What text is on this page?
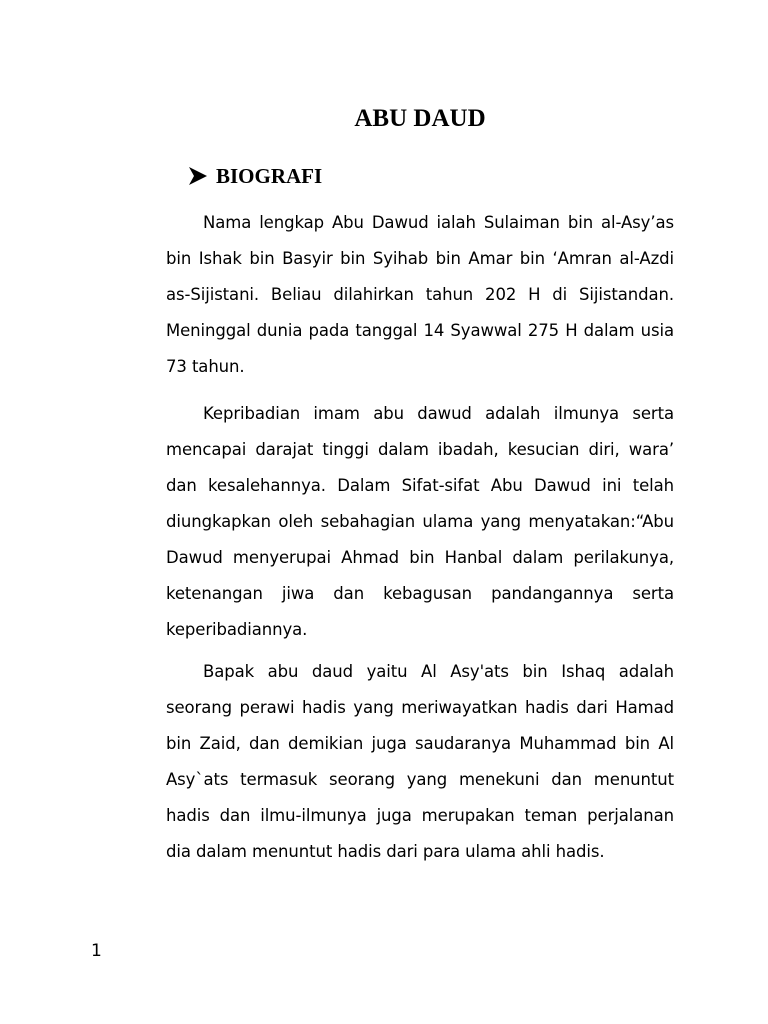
ABU DAUD
BIOGRAFI

Nama lengkap Abu Dawud ialah Sulaiman bin al-Asy’as bin Ishak bin Basyir bin Syihab bin Amar bin ‘Amran al-Azdi as-Sijistani. Beliau dilahirkan tahun 202 H di Sijistandan. Meninggal dunia pada tanggal 14 Syawwal 275 H dalam usia 73 tahun.

Kepribadian imam abu dawud adalah ilmunya serta mencapai darajat tinggi dalam ibadah, kesucian diri, wara’ dan kesalehannya. Dalam Sifat-sifat Abu Dawud ini telah diungkapkan oleh sebahagian ulama yang menyatakan:“Abu Dawud menyerupai Ahmad bin Hanbal dalam perilakunya, ketenangan jiwa dan kebagusan pandangannya serta keperibadiannya.

Bapak abu daud yaitu Al Asy'ats bin Ishaq adalah seorang perawi hadis yang meriwayatkan hadis dari Hamad bin Zaid, dan demikian juga saudaranya Muhammad bin Al Asy`ats termasuk seorang yang menekuni dan menuntut hadis dan ilmu-ilmunya juga merupakan teman perjalanan dia dalam menuntut hadis dari para ulama ahli hadis.

1
